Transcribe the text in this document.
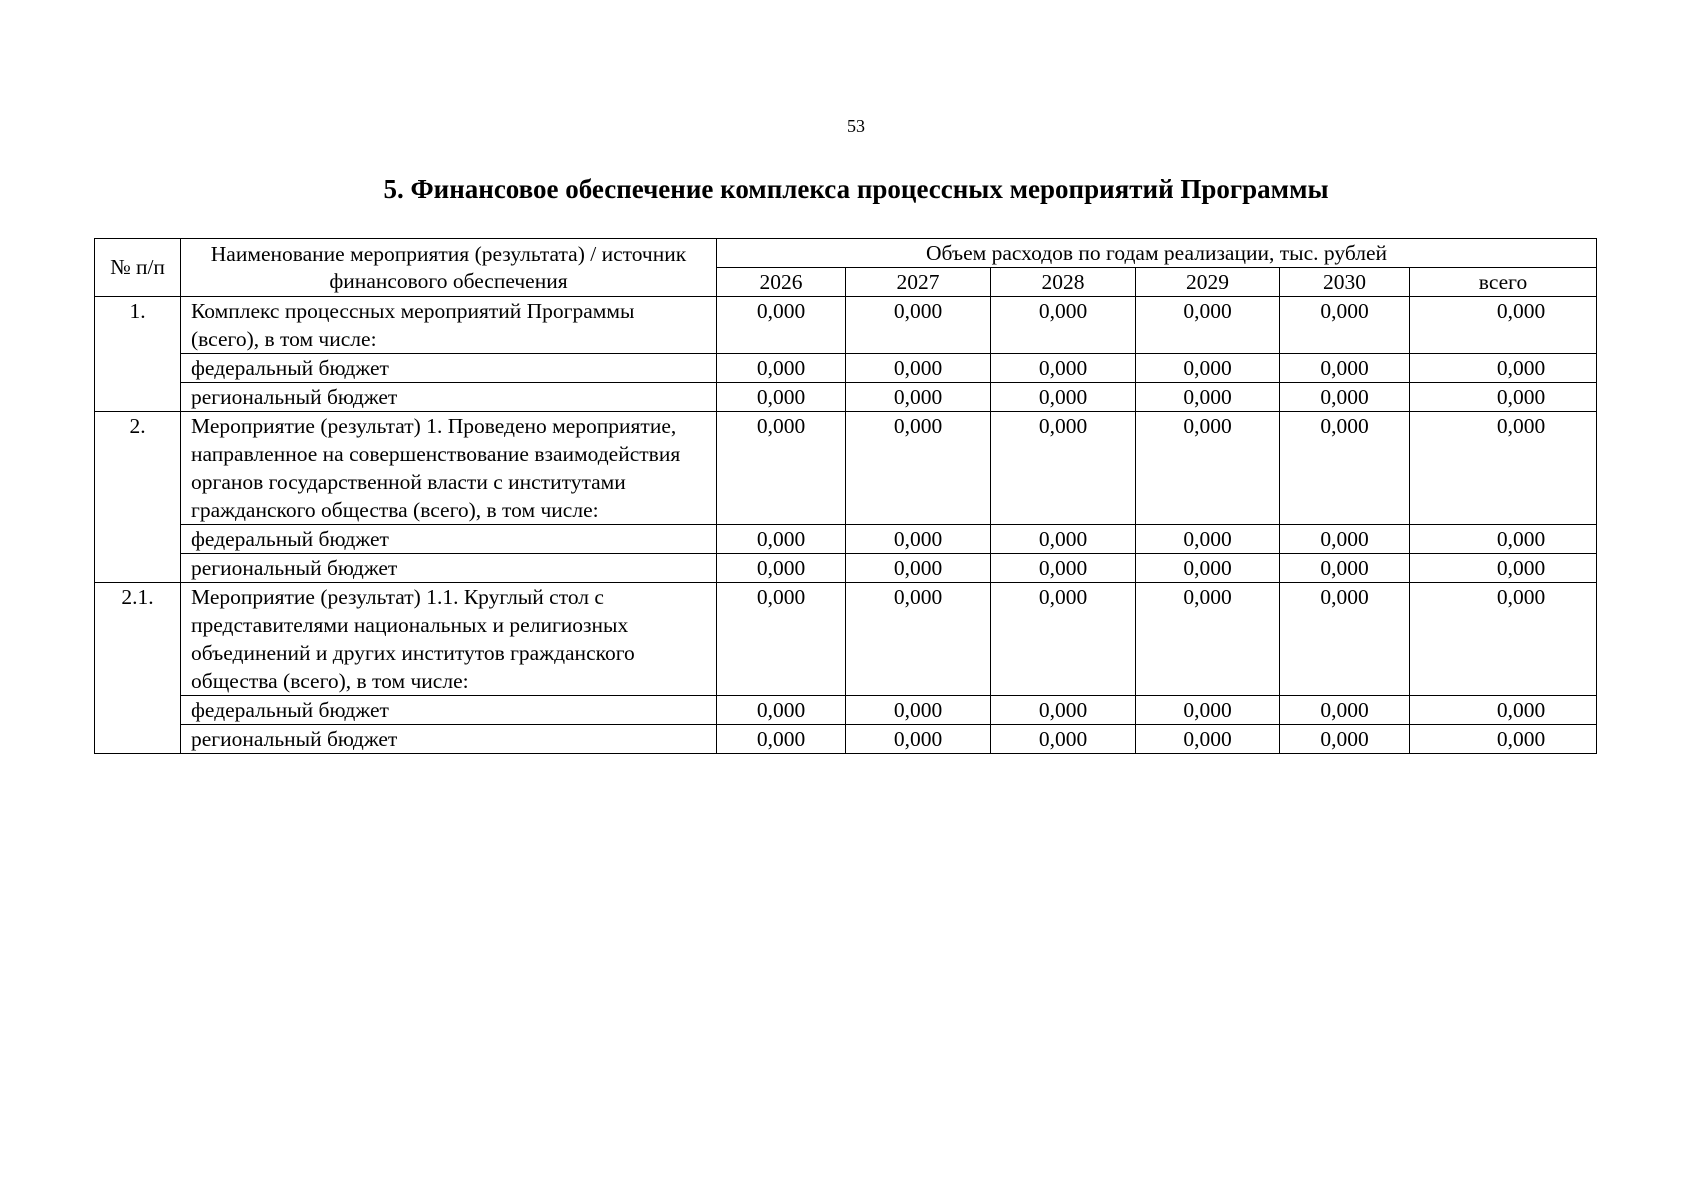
53
5. Финансовое обеспечение комплекса процессных мероприятий Программы
№ п/п	Наименование мероприятия (результата) / источник финансового обеспечения	Объем расходов по годам реализации, тыс. рублей					
		2026	2027	2028	2029	2030	всего
1.	Комплекс процессных мероприятий Программы (всего), в том числе:	0,000	0,000	0,000	0,000	0,000	0,000
	федеральный бюджет	0,000	0,000	0,000	0,000	0,000	0,000
	региональный бюджет	0,000	0,000	0,000	0,000	0,000	0,000
2.	Мероприятие (результат) 1. Проведено мероприятие, направленное на совершенствование взаимодействия органов государственной власти с институтами гражданского общества (всего), в том числе:	0,000	0,000	0,000	0,000	0,000	0,000
	федеральный бюджет	0,000	0,000	0,000	0,000	0,000	0,000
	региональный бюджет	0,000	0,000	0,000	0,000	0,000	0,000
2.1.	Мероприятие (результат) 1.1. Круглый стол с представителями национальных и религиозных объединений и других институтов гражданского общества (всего), в том числе:	0,000	0,000	0,000	0,000	0,000	0,000
	федеральный бюджет	0,000	0,000	0,000	0,000	0,000	0,000
	региональный бюджет	0,000	0,000	0,000	0,000	0,000	0,000
